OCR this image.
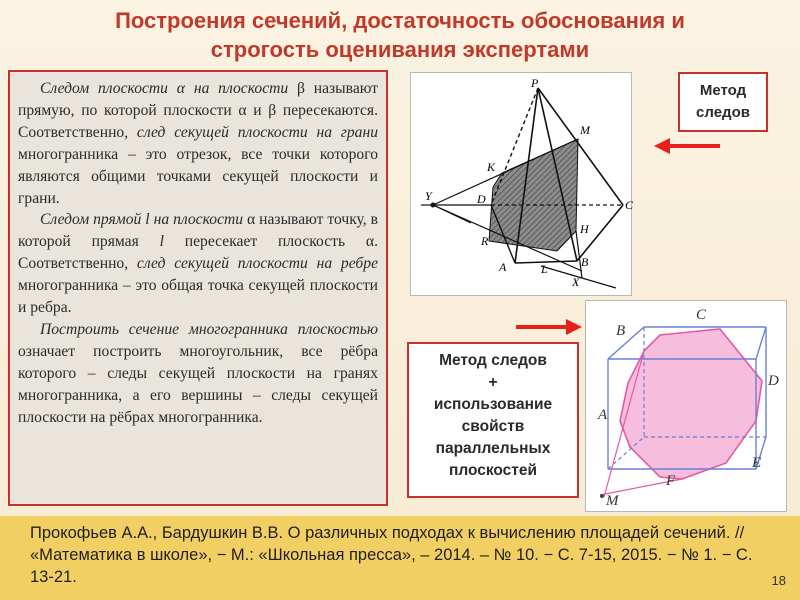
Построения сечений, достаточность обоснования и
строгость оценивания экспертами

Следом плоскости α на плоскости β называют прямую, по которой плоскости α и β пересекаются. Соответственно, след секущей плоскости на грани многогранника – это отрезок, все точки которого являются общими точками секущей плоскости и грани.

Следом прямой l на плоскости α называют точку, в которой прямая l пересекает плоскость α. Соответственно, след секущей плоскости на ребре многогранника – это общая точка секущей плоскости и ребра.

Построить сечение многогранника плоскостью означает построить многоугольник, все рёбра которого – следы секущей плоскости на гранях многогранника, а его вершины – следы секущей плоскости на рёбрах многогранника.

P
M
K
Y	D	C
R
H
A	L	B
X
Метод
следов
Метод следов
+
использование
свойств
параллельных
плоскостей
B
C
D
A
E
F
M
Прокофьев А.А., Бардушкин В.В. О различных подходах к вычислению площадей сечений. // «Математика в школе», − М.: «Школьная пресса», – 2014. – № 10. − С. 7-15, 2015. − № 1. − С. 13-21.	18
